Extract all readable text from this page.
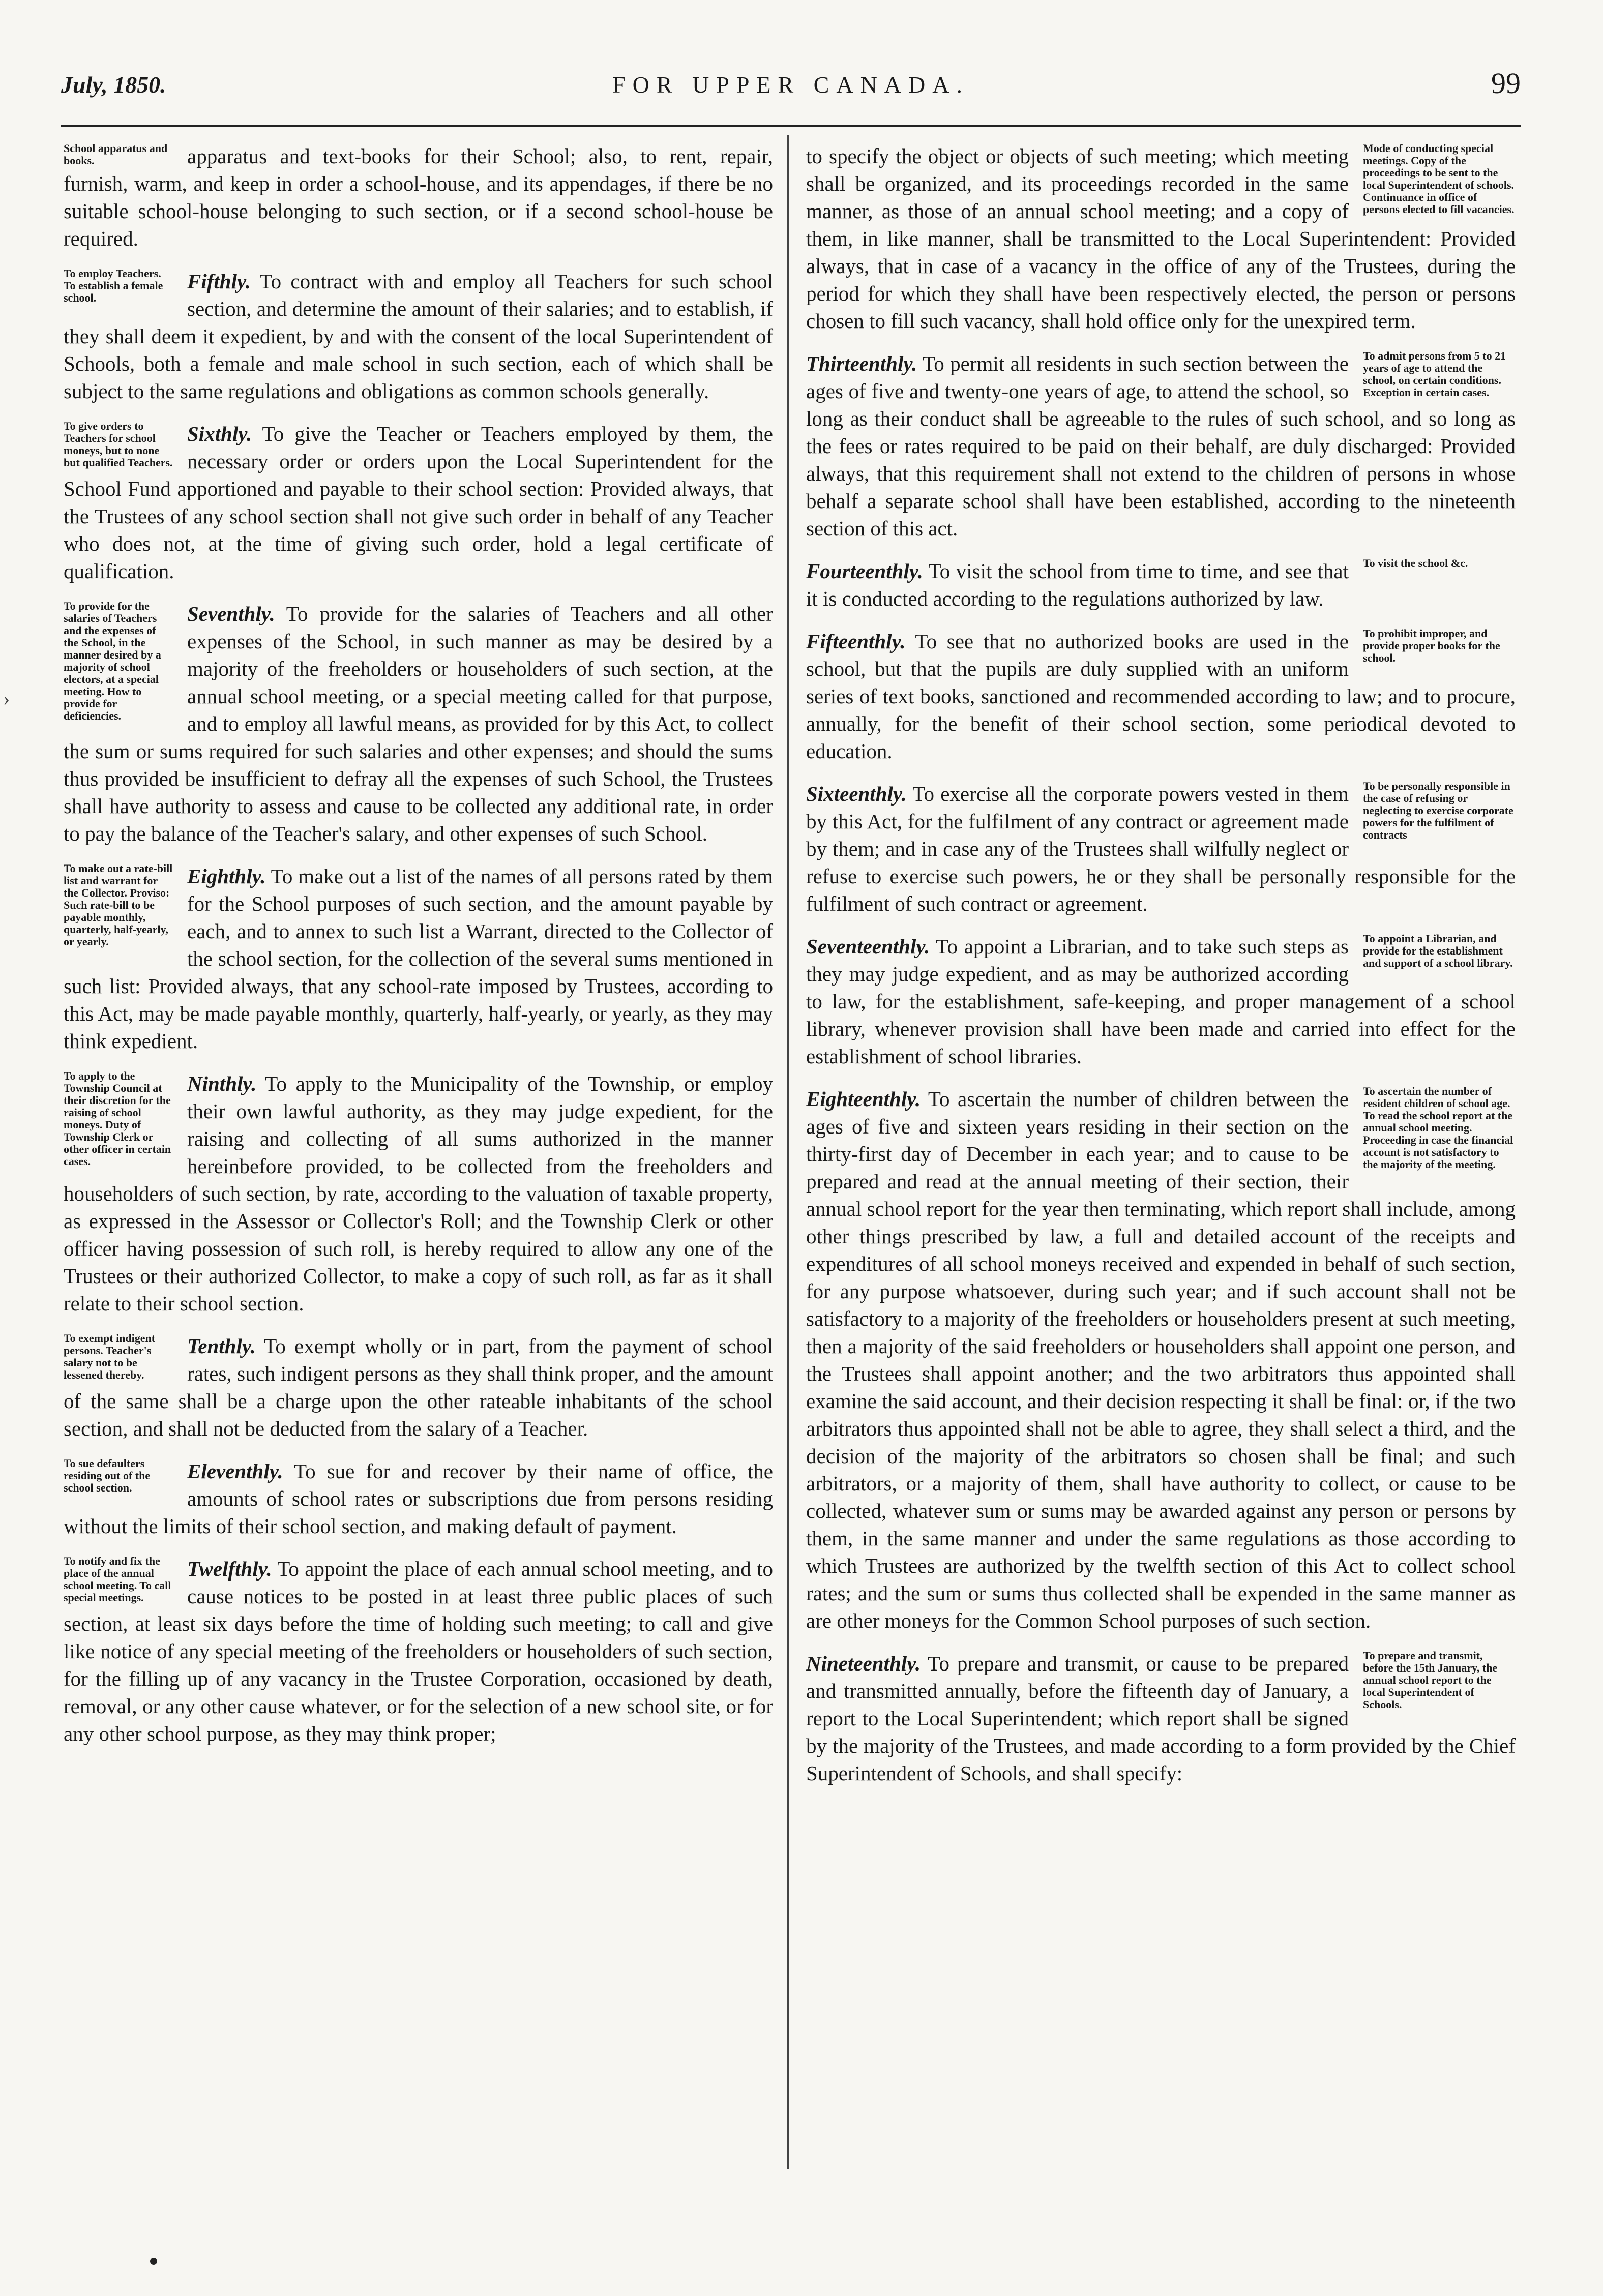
July, 1850.	FOR UPPER CANADA.	99
›

School apparatus and books.	apparatus and text-books for their School; also, to rent, repair, furnish, warm, and keep in order a school-house, and its appendages, if there be no suitable school-house belonging to such section, or if a second school-house be required.

To employ Teachers. To establish a female school.
Fifthly. To contract with and employ all Teachers for such school section, and determine the amount of their salaries; and to establish, if they shall deem it expedient, by and with the consent of the local Superintendent of Schools, both a female and male school in such section, each of which shall be subject to the same regulations and obligations as common schools generally.

To give orders to Teachers for school moneys, but to none but qualified Teachers.
Sixthly. To give the Teacher or Teachers employed by them, the necessary order or orders upon the Local Superintendent for the School Fund apportioned and payable to their school section: Provided always, that the Trustees of any school section shall not give such order in behalf of any Teacher who does not, at the time of giving such order, hold a legal certificate of qualification.

To provide for the salaries of Teachers and the expenses of the School, in the manner desired by a majority of school electors, at a special meeting. How to provide for deficiencies.
Seventhly. To provide for the salaries of Teachers and all other expenses of the School, in such manner as may be desired by a majority of the freeholders or householders of such section, at the annual school meeting, or a special meeting called for that purpose, and to employ all lawful means, as provided for by this Act, to collect the sum or sums required for such salaries and other expenses; and should the sums thus provided be insufficient to defray all the expenses of such School, the Trustees shall have authority to assess and cause to be collected any additional rate, in order to pay the balance of the Teacher's salary, and other expenses of such School.

To make out a rate-bill list and warrant for the Collector. Proviso: Such rate-bill to be payable monthly, quarterly, half-yearly, or yearly.
Eighthly. To make out a list of the names of all persons rated by them for the School purposes of such section, and the amount payable by each, and to annex to such list a Warrant, directed to the Collector of the school section, for the collection of the several sums mentioned in such list: Provided always, that any school-rate imposed by Trustees, according to this Act, may be made payable monthly, quarterly, half-yearly, or yearly, as they may think expedient.

To apply to the Township Council at their discretion for the raising of school moneys. Duty of Township Clerk or other officer in certain cases.
Ninthly. To apply to the Municipality of the Township, or employ their own lawful authority, as they may judge expedient, for the raising and collecting of all sums authorized in the manner hereinbefore provided, to be collected from the freeholders and householders of such section, by rate, according to the valuation of taxable property, as expressed in the Assessor or Collector's Roll; and the Township Clerk or other officer having possession of such roll, is hereby required to allow any one of the Trustees or their authorized Collector, to make a copy of such roll, as far as it shall relate to their school section.

To exempt indigent persons. Teacher's salary not to be lessened thereby.
Tenthly. To exempt wholly or in part, from the payment of school rates, such indigent persons as they shall think proper, and the amount of the same shall be a charge upon the other rateable inhabitants of the school section, and shall not be deducted from the salary of a Teacher.

To sue defaulters residing out of the school section.
Eleventhly. To sue for and recover by their name of office, the amounts of school rates or subscriptions due from persons residing without the limits of their school section, and making default of payment.

To notify and fix the place of the annual school meeting. To call special meetings.
Twelfthly. To appoint the place of each annual school meeting, and to cause notices to be posted in at least three public places of such section, at least six days before the time of holding such meeting; to call and give like notice of any special meeting of the freeholders or householders of such section, for the filling up of any vacancy in the Trustee Corporation, occasioned by death, removal, or any other cause whatever, or for the selection of a new school site, or for any other school purpose, as they may think proper;

Mode of conducting special meetings. Copy of the proceedings to be sent to the local Superintendent of schools. Continuance in office of persons elected to fill vacancies.
to specify the object or objects of such meeting; which meeting shall be organized, and its proceedings recorded in the same manner, as those of an annual school meeting; and a copy of them, in like manner, shall be transmitted to the Local Superintendent: Provided always, that in case of a vacancy in the office of any of the Trustees, during the period for which they shall have been respectively elected, the person or persons chosen to fill such vacancy, shall hold office only for the unexpired term.

To admit persons from 5 to 21 years of age to attend the school, on certain conditions. Exception in certain cases.
Thirteenthly. To permit all residents in such section between the ages of five and twenty-one years of age, to attend the school, so long as their conduct shall be agreeable to the rules of such school, and so long as the fees or rates required to be paid on their behalf, are duly discharged: Provided always, that this requirement shall not extend to the children of persons in whose behalf a separate school shall have been established, according to the nineteenth section of this act.

To visit the school &c.
Fourteenthly. To visit the school from time to time, and see that it is conducted according to the regulations authorized by law.

To prohibit improper, and provide proper books for the school.
Fifteenthly. To see that no authorized books are used in the school, but that the pupils are duly supplied with an uniform series of text books, sanctioned and recommended according to law; and to procure, annually, for the benefit of their school section, some periodical devoted to education.

To be personally responsible in the case of refusing or neglecting to exercise corporate powers for the fulfilment of contracts
Sixteenthly. To exercise all the corporate powers vested in them by this Act, for the fulfilment of any contract or agreement made by them; and in case any of the Trustees shall wilfully neglect or refuse to exercise such powers, he or they shall be personally responsible for the fulfilment of such contract or agreement.

To appoint a Librarian, and provide for the establishment and support of a school library.
Seventeenthly. To appoint a Librarian, and to take such steps as they may judge expedient, and as may be authorized according to law, for the establishment, safe-keeping, and proper management of a school library, whenever provision shall have been made and carried into effect for the establishment of school libraries.

To ascertain the number of resident children of school age. To read the school report at the annual school meeting. Proceeding in case the financial account is not satisfactory to the majority of the meeting.
Eighteenthly. To ascertain the number of children between the ages of five and sixteen years residing in their section on the thirty-first day of December in each year; and to cause to be prepared and read at the annual meeting of their section, their annual school report for the year then terminating, which report shall include, among other things prescribed by law, a full and detailed account of the receipts and expenditures of all school moneys received and expended in behalf of such section, for any purpose whatsoever, during such year; and if such account shall not be satisfactory to a majority of the freeholders or householders present at such meeting, then a majority of the said freeholders or householders shall appoint one person, and the Trustees shall appoint another; and the two arbitrators thus appointed shall examine the said account, and their decision respecting it shall be final: or, if the two arbitrators thus appointed shall not be able to agree, they shall select a third, and the decision of the majority of the arbitrators so chosen shall be final; and such arbitrators, or a majority of them, shall have authority to collect, or cause to be collected, whatever sum or sums may be awarded against any person or persons by them, in the same manner and under the same regulations as those according to which Trustees are authorized by the twelfth section of this Act to collect school rates; and the sum or sums thus collected shall be expended in the same manner as are other moneys for the Common School purposes of such section.

To prepare and transmit, before the 15th January, the annual school report to the local Superintendent of Schools.
Nineteenthly. To prepare and transmit, or cause to be prepared and transmitted annually, before the fifteenth day of January, a report to the Local Superintendent; which report shall be signed by the majority of the Trustees, and made according to a form provided by the Chief Superintendent of Schools, and shall specify:
